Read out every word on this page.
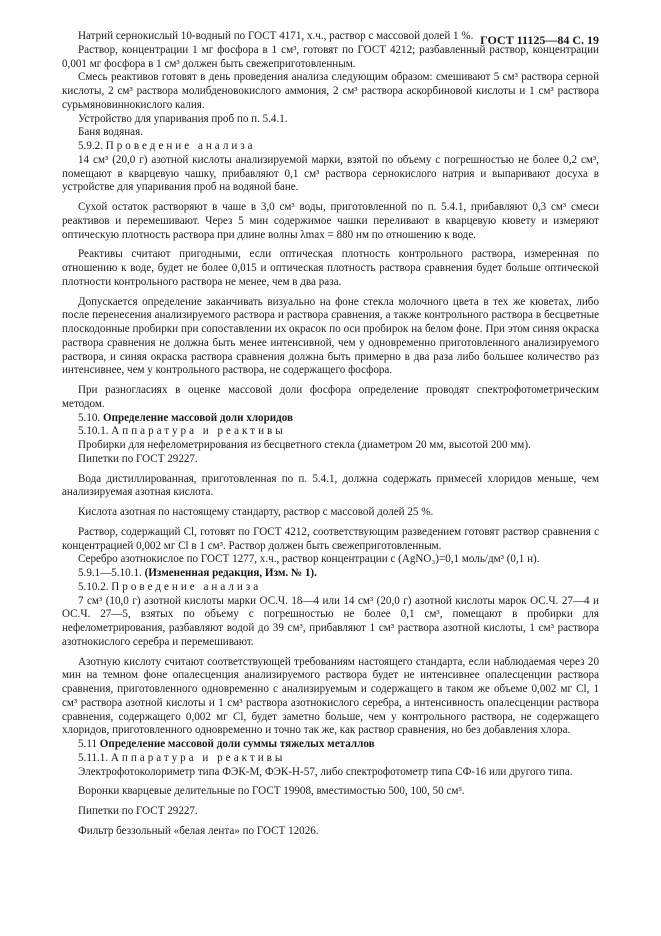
ГОСТ 11125—84 С. 19

Натрий сернокислый 10-водный по ГОСТ 4171, х.ч., раствор с массовой долей 1 %.

Раствор, концентрации 1 мг фосфора в 1 см³, готовят по ГОСТ 4212; разбавленный раствор, концентрации 0,001 мг фосфора в 1 см³ должен быть свежеприготовленным.

Смесь реактивов готовят в день проведения анализа следующим образом: смешивают 5 см³ раствора серной кислоты, 2 см³ раствора молибденовокислого аммония, 2 см³ раствора аскорбиновой кислоты и 1 см³ раствора сурьмяновиннокислого калия.

Устройство для упаривания проб по п. 5.4.1.

Баня водяная.

5.9.2. Проведение анализа

14 см³ (20,0 г) азотной кислоты анализируемой марки, взятой по объему с погрешностью не более 0,2 см³, помещают в кварцевую чашку, прибавляют 0,1 см³ раствора сернокислого натрия и выпаривают досуха в устройстве для упаривания проб на водяной бане.

Сухой остаток растворяют в чаше в 3,0 см³ воды, приготовленной по п. 5.4.1, прибавляют 0,3 см³ смеси реактивов и перемешивают. Через 5 мин содержимое чашки переливают в кварцевую кювету и измеряют оптическую плотность раствора при длине волны λmax = 880 нм по отношению к воде.

Реактивы считают пригодными, если оптическая плотность контрольного раствора, измеренная по отношению к воде, будет не более 0,015 и оптическая плотность раствора сравнения будет больше оптической плотности контрольного раствора не менее, чем в два раза.

Допускается определение заканчивать визуально на фоне стекла молочного цвета в тех же кюветах, либо после перенесения анализируемого раствора и раствора сравнения, а также контрольного раствора в бесцветные плоскодонные пробирки при сопоставлении их окрасок по оси пробирок на белом фоне. При этом синяя окраска раствора сравнения не должна быть менее интенсивной, чем у одновременно приготовленного анализируемого раствора, и синяя окраска раствора сравнения должна быть примерно в два раза либо большее количество раз интенсивнее, чем у контрольного раствора, не содержащего фосфора.

При разногласиях в оценке массовой доли фосфора определение проводят спектрофотометрическим методом.

5.10. Определение массовой доли хлоридов

5.10.1. Аппаратура и реактивы

Пробирки для нефелометрирования из бесцветного стекла (диаметром 20 мм, высотой 200 мм).

Пипетки по ГОСТ 29227.

Вода дистиллированная, приготовленная по п. 5.4.1, должна содержать примесей хлоридов меньше, чем анализируемая азотная кислота.

Кислота азотная по настоящему стандарту, раствор с массовой долей 25 %.

Раствор, содержащий Cl, готовят по ГОСТ 4212, соответствующим разведением готовят раствор сравнения с концентрацией 0,002 мг Cl в 1 см³. Раствор должен быть свежеприготовленным.

Серебро азотнокислое по ГОСТ 1277, х.ч., раствор концентрации c (AgNO₃)=0,1 моль/дм³ (0,1 н).

5.9.1—5.10.1. (Измененная редакция, Изм. № 1).

5.10.2. Проведение анализа

7 см³ (10,0 г) азотной кислоты марки ОС.Ч. 18—4 или 14 см³ (20,0 г) азотной кислоты марок ОС.Ч. 27—4 и ОС.Ч. 27—5, взятых по объему с погрешностью не более 0,1 см³, помещают в пробирки для нефелометрирования, разбавляют водой до 39 см³, прибавляют 1 см³ раствора азотной кислоты, 1 см³ раствора азотнокислого серебра и перемешивают.

Азотную кислоту считают соответствующей требованиям настоящего стандарта, если наблюдаемая через 20 мин на темном фоне опалесценция анализируемого раствора будет не интенсивнее опалесценции раствора сравнения, приготовленного одновременно с анализируемым и содержащего в таком же объеме 0,002 мг Cl, 1 см³ раствора азотной кислоты и 1 см³ раствора азотнокислого серебра, а интенсивность опалесценции раствора сравнения, содержащего 0,002 мг Cl, будет заметно больше, чем у контрольного раствора, не содержащего хлоридов, приготовленного одновременно и точно так же, как раствор сравнения, но без добавления хлора.

5.11 Определение массовой доли суммы тяжелых металлов

5.11.1. Аппаратура и реактивы

Электрофотоколориметр типа ФЭК-М, ФЭК-Н-57, либо спектрофотометр типа СФ-16 или другого типа.

Воронки кварцевые делительные по ГОСТ 19908, вместимостью 500, 100, 50 см³.

Пипетки по ГОСТ 29227.

Фильтр беззольный «белая лента» по ГОСТ 12026.
